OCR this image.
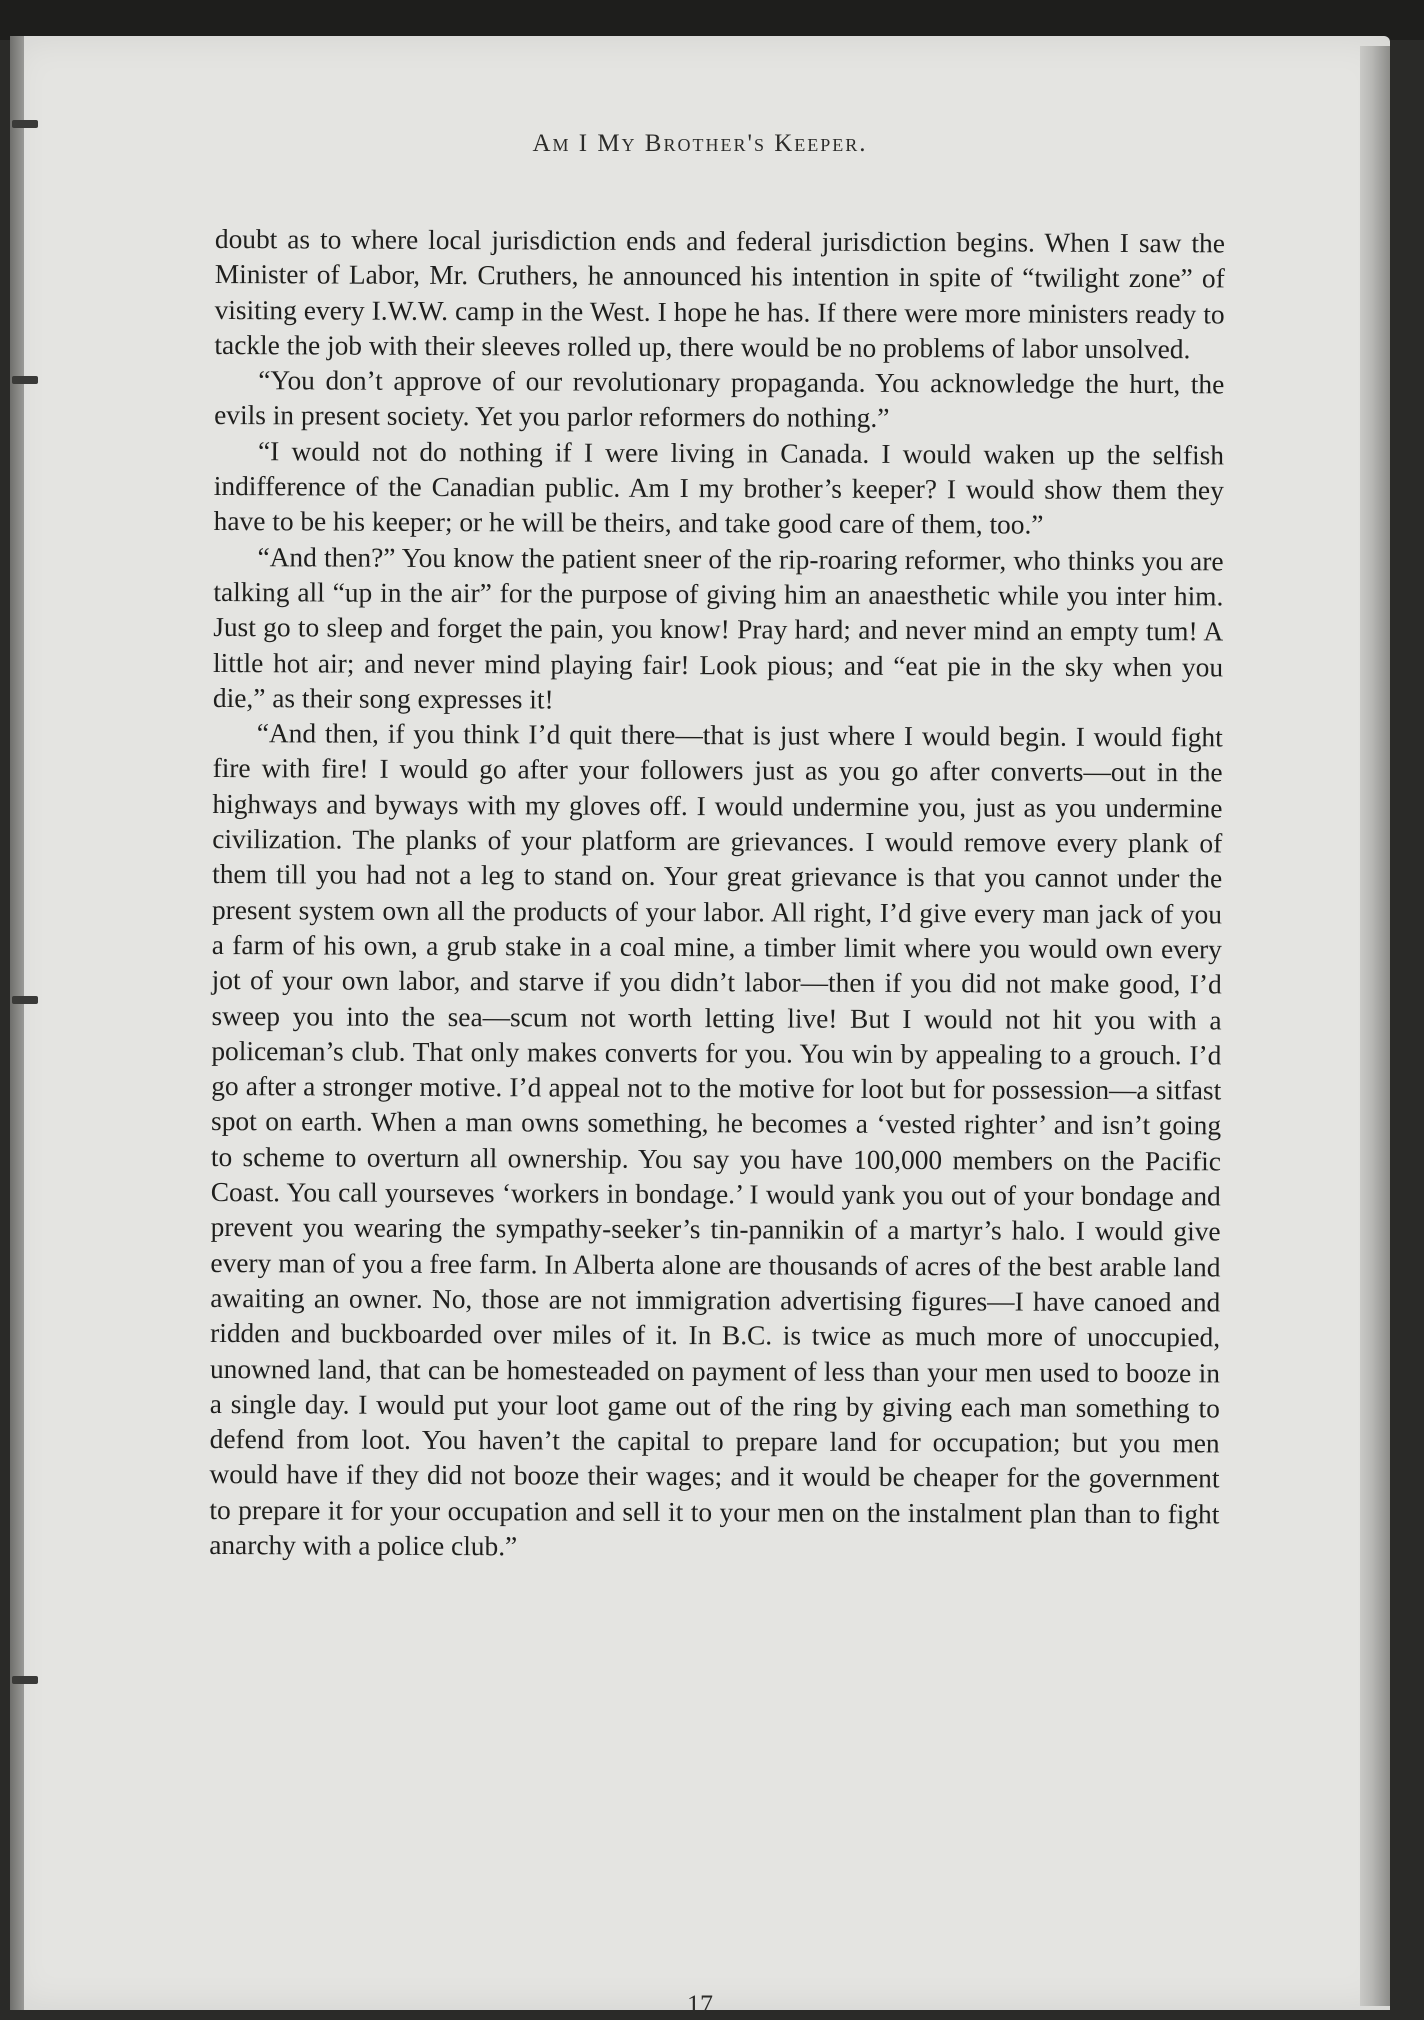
Am I My Brother's Keeper.

doubt as to where local jurisdiction ends and federal jurisdiction begins. When I saw the Minister of Labor, Mr. Cruthers, he announced his intention in spite of “twilight zone” of visiting every I.W.W. camp in the West. I hope he has. If there were more ministers ready to tackle the job with their sleeves rolled up, there would be no problems of labor unsolved.

“You don’t approve of our revolutionary propaganda. You acknowledge the hurt, the evils in present society. Yet you parlor reformers do nothing.”

“I would not do nothing if I were living in Canada. I would waken up the selfish indifference of the Canadian public. Am I my brother’s keeper? I would show them they have to be his keeper; or he will be theirs, and take good care of them, too.”

“And then?” You know the patient sneer of the rip-roaring reformer, who thinks you are talking all “up in the air” for the purpose of giving him an anaesthetic while you inter him. Just go to sleep and forget the pain, you know! Pray hard; and never mind an empty tum! A little hot air; and never mind playing fair! Look pious; and “eat pie in the sky when you die,” as their song expresses it!

“And then, if you think I’d quit there—that is just where I would begin. I would fight fire with fire! I would go after your followers just as you go after converts—out in the highways and byways with my gloves off. I would undermine you, just as you undermine civilization. The planks of your platform are grievances. I would remove every plank of them till you had not a leg to stand on. Your great grievance is that you cannot under the present system own all the products of your labor. All right, I’d give every man jack of you a farm of his own, a grub stake in a coal mine, a timber limit where you would own every jot of your own labor, and starve if you didn’t labor—then if you did not make good, I’d sweep you into the sea—scum not worth letting live! But I would not hit you with a policeman’s club. That only makes converts for you. You win by appealing to a grouch. I’d go after a stronger motive. I’d appeal not to the motive for loot but for possession—a sitfast spot on earth. When a man owns something, he becomes a ‘vested righter’ and isn’t going to scheme to overturn all ownership. You say you have 100,000 members on the Pacific Coast. You call yourseves ‘workers in bondage.’ I would yank you out of your bondage and prevent you wearing the sympathy-seeker’s tin-pannikin of a martyr’s halo. I would give every man of you a free farm. In Alberta alone are thousands of acres of the best arable land awaiting an owner. No, those are not immigration advertising figures—I have canoed and ridden and buckboarded over miles of it. In B.C. is twice as much more of unoccupied, unowned land, that can be homesteaded on payment of less than your men used to booze in a single day. I would put your loot game out of the ring by giving each man something to defend from loot. You haven’t the capital to prepare land for occupation; but you men would have if they did not booze their wages; and it would be cheaper for the government to prepare it for your occupation and sell it to your men on the instalment plan than to fight anarchy with a police club.”

17
